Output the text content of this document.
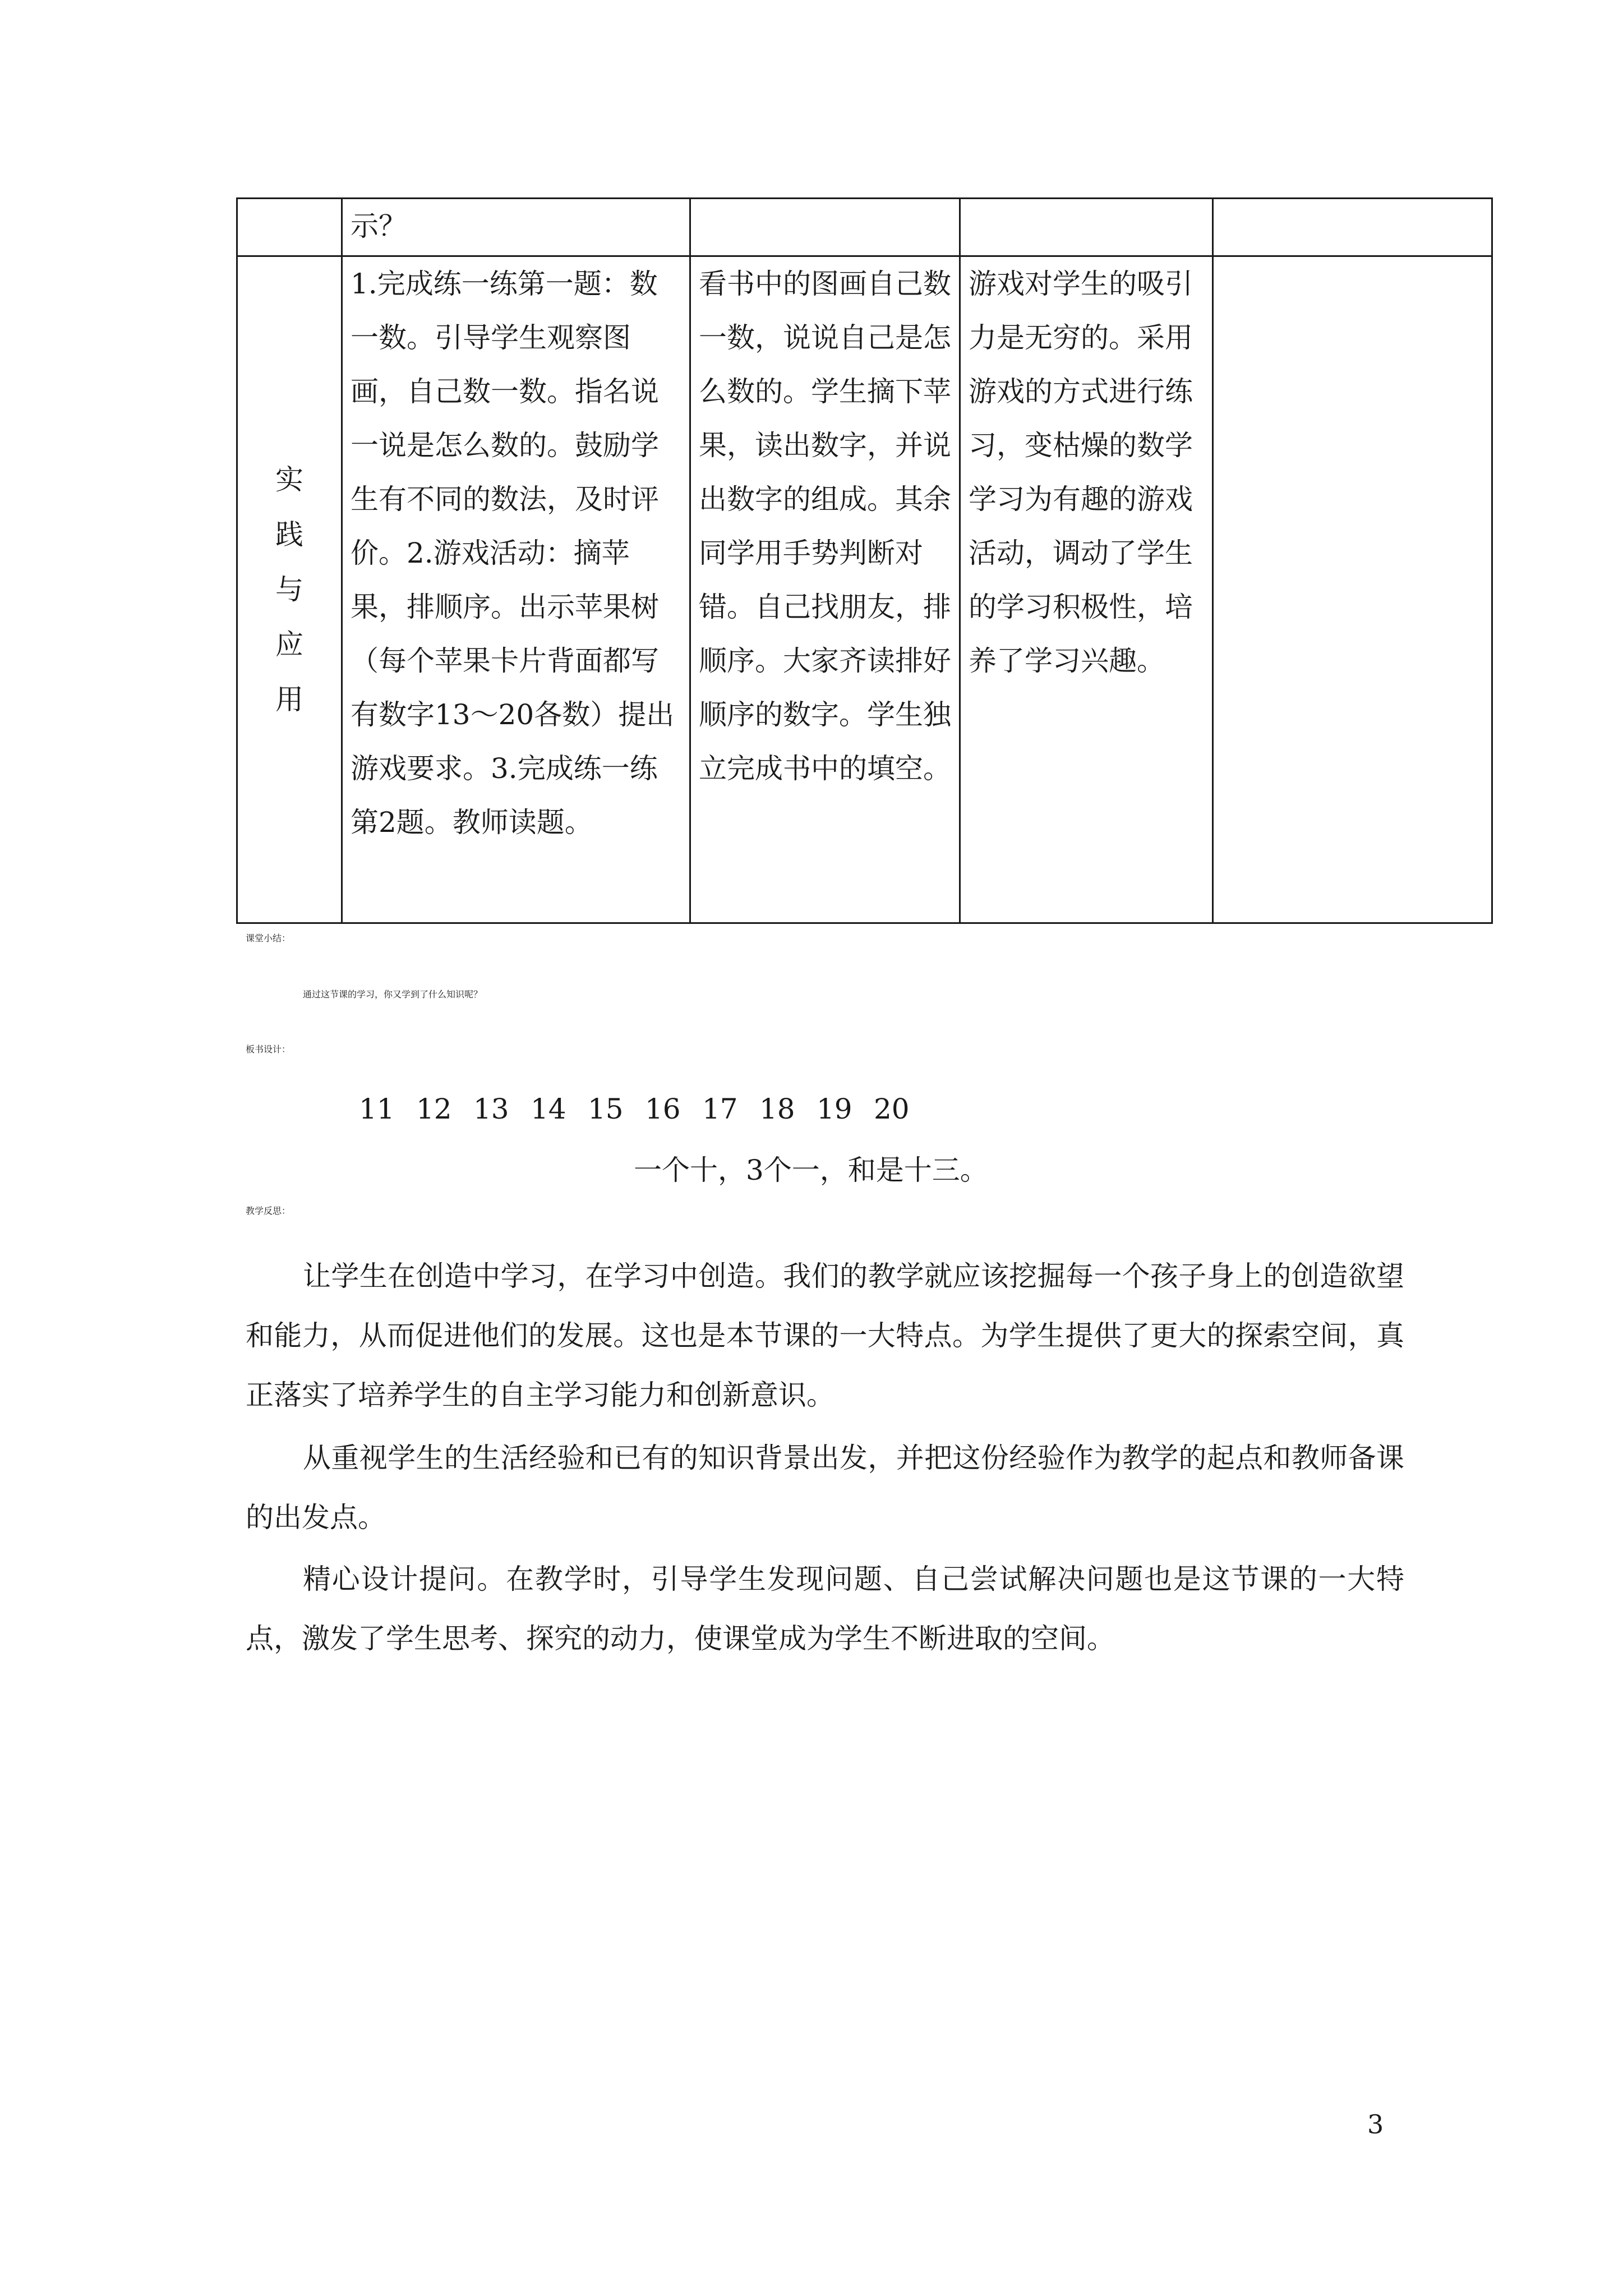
	示？			

实
践
与
应
用	1.完成练一练第一题：数一数。引导学生观察图画，自己数一数。指名说一说是怎么数的。鼓励学生有不同的数法，及时评价。2.游戏活动：摘苹果，排顺序。出示苹果树（每个苹果卡片背面都写有数字13～20各数）提出游戏要求。3.完成练一练第2题。教师读题。	看书中的图画自己数一数，说说自己是怎么数的。学生摘下苹果，读出数字，并说出数字的组成。其余同学用手势判断对错。自己找朋友，排顺序。大家齐读排好顺序的数字。学生独立完成书中的填空。	游戏对学生的吸引力是无穷的。采用游戏的方式进行练习，变枯燥的数学学习为有趣的游戏活动，调动了学生的学习积极性，培养了学习兴趣。	
课堂小结：
通过这节课的学习，你又学到了什么知识呢？
板书设计：
11 12 13 14 15 16 17 18 19 20
一个十，3个一，和是十三。
教学反思：
让学生在创造中学习，在学习中创造。我们的教学就应该挖掘每一个孩子身上的创造欲望和能力，从而促进他们的发展。这也是本节课的一大特点。为学生提供了更大的探索空间，真正落实了培养学生的自主学习能力和创新意识。
从重视学生的生活经验和已有的知识背景出发，并把这份经验作为教学的起点和教师备课的出发点。
精心设计提问。在教学时，引导学生发现问题、自己尝试解决问题也是这节课的一大特点，激发了学生思考、探究的动力，使课堂成为学生不断进取的空间。
3
